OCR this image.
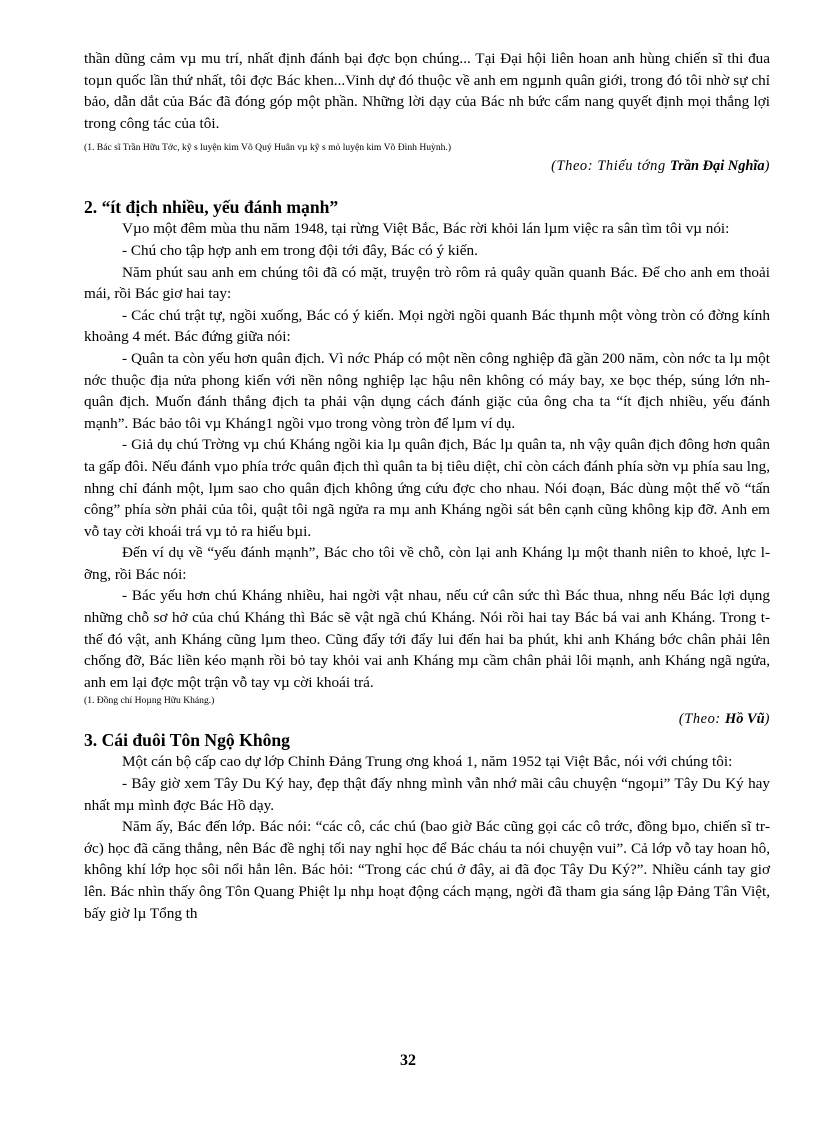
thần dũng cảm vµ mu trí, nhất định đánh bại đợc bọn chúng... Tại Đại hội liên hoan anh hùng chiến sĩ thi đua toµn quốc lần thứ nhất, tôi đợc Bác khen...Vinh dự đó thuộc về anh em ngµnh quân giới, trong đó tôi nhờ sự chỉ bảo, dẫn dắt của Bác đã đóng góp một phần. Những lời dạy của Bác nh bức cẩm nang quyết định mọi thắng lợi trong công tác của tôi.

(1. Bác sĩ Trần Hữu Tớc, kỹ s luyện kim Võ Quý Huân vµ kỹ s mỏ luyện kim Võ Đình Huỳnh.)

(Theo: Thiếu tớng Trần Đại Nghĩa)
2. “ít địch nhiều, yếu đánh mạnh”

Vµo một đêm mùa thu năm 1948, tại rừng Việt Bắc, Bác rời khỏi lán lµm việc ra sân tìm tôi vµ nói:

- Chú cho tập hợp anh em trong đội tới đây, Bác có ý kiến.

Năm phút sau anh em chúng tôi đã có mặt, truyện trò rôm rả quây quần quanh Bác. Để cho anh em thoải mái, rồi Bác giơ hai tay:

- Các chú trật tự, ngồi xuống, Bác có ý kiến. Mọi ngời ngồi quanh Bác thµnh một vòng tròn có đờng kính khoảng 4 mét. Bác đứng giữa nói:

- Quân ta còn yếu hơn quân địch. Vì nớc Pháp có một nền công nghiệp đã gần 200 năm, còn nớc ta lµ một nớc thuộc địa nửa phong kiến với nền nông nghiệp lạc hậu nên không có máy bay, xe bọc thép, súng lớn nh quân địch. Muốn đánh thắng địch ta phải vận dụng cách đánh giặc của ông cha ta “ít địch nhiều, yếu đánh mạnh”. Bác bảo tôi vµ Kháng1 ngồi vµo trong vòng tròn để lµm ví dụ.

- Giả dụ chú Trờng vµ chú Kháng ngồi kia lµ quân địch, Bác lµ quân ta, nh vậy quân địch đông hơn quân ta gấp đôi. Nếu đánh vµo phía trớc quân địch thì quân ta bị tiêu diệt, chỉ còn cách đánh phía sờn vµ phía sau lng, nhng chỉ đánh một, lµm sao cho quân địch không ứng cứu đợc cho nhau. Nói đoạn, Bác dùng một thế võ “tấn công” phía sờn phải của tôi, quật tôi ngã ngửa ra mµ anh Kháng ngồi sát bên cạnh cũng không kịp đỡ. Anh em vỗ tay cời khoái trá vµ tỏ ra hiểu bµi.

Đến ví dụ về “yếu đánh mạnh”, Bác cho tôi về chỗ, còn lại anh Kháng lµ một thanh niên to khoẻ, lực lỡng, rồi Bác nói:

- Bác yếu hơn chú Kháng nhiều, hai ngời vật nhau, nếu cứ cân sức thì Bác thua, nhng nếu Bác lợi dụng những chỗ sơ hở của chú Kháng thì Bác sẽ vật ngã chú Kháng. Nói rồi hai tay Bác bá vai anh Kháng. Trong t thế đó vật, anh Kháng cũng lµm theo. Cũng đẩy tới đẩy lui đến hai ba phút, khi anh Kháng bớc chân phải lên chống đỡ, Bác liền kéo mạnh rồi bỏ tay khỏi vai anh Kháng mµ cầm chân phải lôi mạnh, anh Kháng ngã ngửa, anh em lại đợc một trận vỗ tay vµ cời khoái trá.

(1. Đồng chí Hoµng Hữu Kháng.)

(Theo: Hồ Vũ)
3. Cái đuôi Tôn Ngộ Không

Một cán bộ cấp cao dự lớp Chỉnh Đảng Trung ơng khoá 1, năm 1952 tại Việt Bắc, nói với chúng tôi:

- Bây giờ xem Tây Du Ký hay, đẹp thật đấy nhng mình vẫn nhớ mãi câu chuyện “ngoµi” Tây Du Ký hay nhất mµ mình đợc Bác Hồ dạy.

Năm ấy, Bác đến lớp. Bác nói: “các cô, các chú (bao giờ Bác cũng gọi các cô trớc, đồng bµo, chiến sĩ trớc) học đã căng thẳng, nên Bác đề nghị tối nay nghỉ học để Bác cháu ta nói chuyện vui”. Cả lớp vỗ tay hoan hô, không khí lớp học sôi nổi hẳn lên. Bác hỏi: “Trong các chú ở đây, ai đã đọc Tây Du Ký?”. Nhiều cánh tay giơ lên. Bác nhìn thấy ông Tôn Quang Phiệt lµ nhµ hoạt động cách mạng, ngời đã tham gia sáng lập Đảng Tân Việt, bấy giờ lµ Tổng th

32
